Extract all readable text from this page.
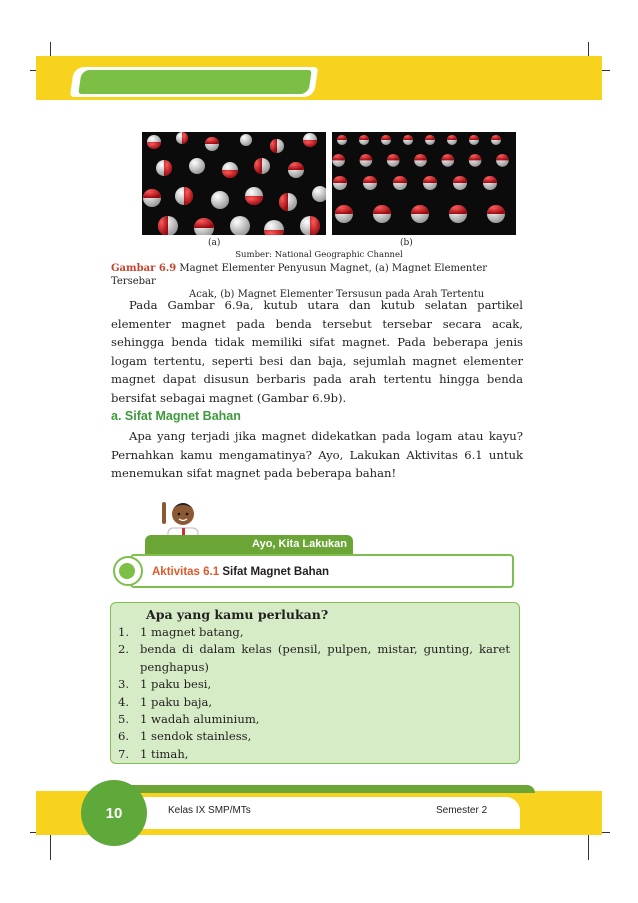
(a)	(b)
Sumber: National Geographic Channel
Gambar 6.9 Magnet Elementer Penyusun Magnet, (a) Magnet Elementer Tersebar
Acak, (b) Magnet Elementer Tersusun pada Arah Tertentu
Pada Gambar 6.9a, kutub utara dan kutub selatan partikel elementer magnet pada benda tersebut tersebar secara acak, sehingga benda tidak memiliki sifat magnet. Pada beberapa jenis logam tertentu, seperti besi dan baja, sejumlah magnet elementer magnet dapat disusun berbaris pada arah tertentu hingga benda bersifat sebagai magnet (Gambar 6.9b).
a. Sifat Magnet Bahan
Apa yang terjadi jika magnet didekatkan pada logam atau kayu? Pernahkan kamu mengamatinya? Ayo, Lakukan Aktivitas 6.1 untuk menemukan sifat magnet pada beberapa bahan!
Ayo, Kita Lakukan
Aktivitas 6.1 Sifat Magnet Bahan
Apa yang kamu perlukan?
1. 1 magnet batang,
2. benda di dalam kelas (pensil, pulpen, mistar, gunting, karet penghapus)
3. 1 paku besi,
4. 1 paku baja,
5. 1 wadah aluminium,
6. 1 sendok stainless,
7. 1 timah,
10	Kelas IX SMP/MTs	Semester 2
